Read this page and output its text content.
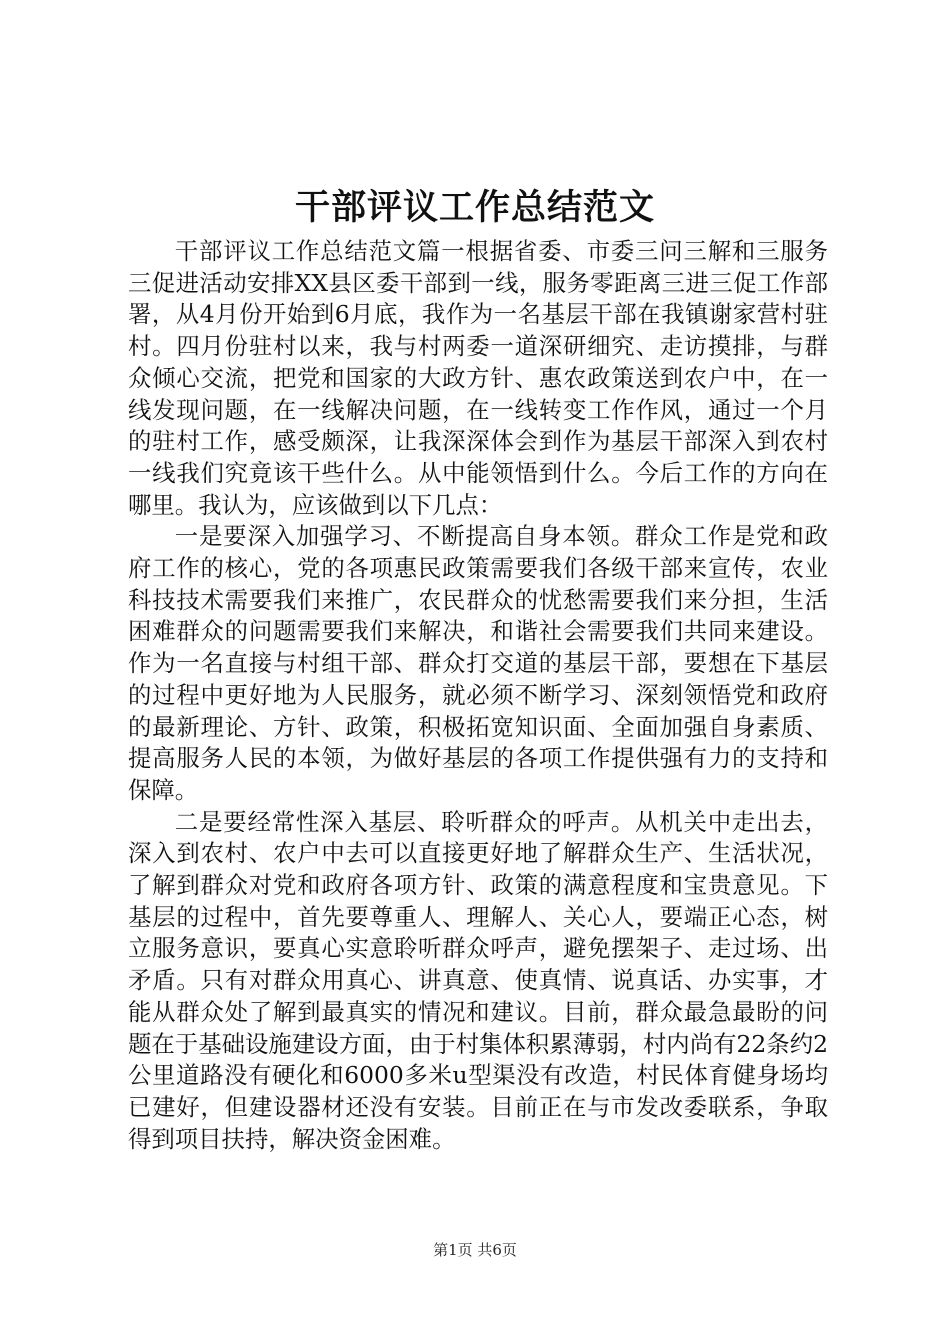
干部评议工作总结范文

干部评议工作总结范文篇一根据省委、市委三问三解和三服务三促进活动安排XX县区委干部到一线，服务零距离三进三促工作部署，从4月份开始到6月底，我作为一名基层干部在我镇谢家营村驻村。四月份驻村以来，我与村两委一道深研细究、走访摸排，与群众倾心交流，把党和国家的大政方针、惠农政策送到农户中，在一线发现问题，在一线解决问题，在一线转变工作作风，通过一个月的驻村工作，感受颇深，让我深深体会到作为基层干部深入到农村一线我们究竟该干些什么。从中能领悟到什么。今后工作的方向在哪里。我认为，应该做到以下几点：

一是要深入加强学习、不断提高自身本领。群众工作是党和政府工作的核心，党的各项惠民政策需要我们各级干部来宣传，农业科技技术需要我们来推广，农民群众的忧愁需要我们来分担，生活困难群众的问题需要我们来解决，和谐社会需要我们共同来建设。作为一名直接与村组干部、群众打交道的基层干部，要想在下基层的过程中更好地为人民服务，就必须不断学习、深刻领悟党和政府的最新理论、方针、政策，积极拓宽知识面、全面加强自身素质、提高服务人民的本领，为做好基层的各项工作提供强有力的支持和保障。

二是要经常性深入基层、聆听群众的呼声。从机关中走出去，深入到农村、农户中去可以直接更好地了解群众生产、生活状况，了解到群众对党和政府各项方针、政策的满意程度和宝贵意见。下基层的过程中，首先要尊重人、理解人、关心人，要端正心态，树立服务意识，要真心实意聆听群众呼声，避免摆架子、走过场、出矛盾。只有对群众用真心、讲真意、使真情、说真话、办实事，才能从群众处了解到最真实的情况和建议。目前，群众最急最盼的问题在于基础设施建设方面，由于村集体积累薄弱，村内尚有22条约2公里道路没有硬化和6000多米u型渠没有改造，村民体育健身场均已建好，但建设器材还没有安装。目前正在与市发改委联系，争取得到项目扶持，解决资金困难。

第1页 共6页
